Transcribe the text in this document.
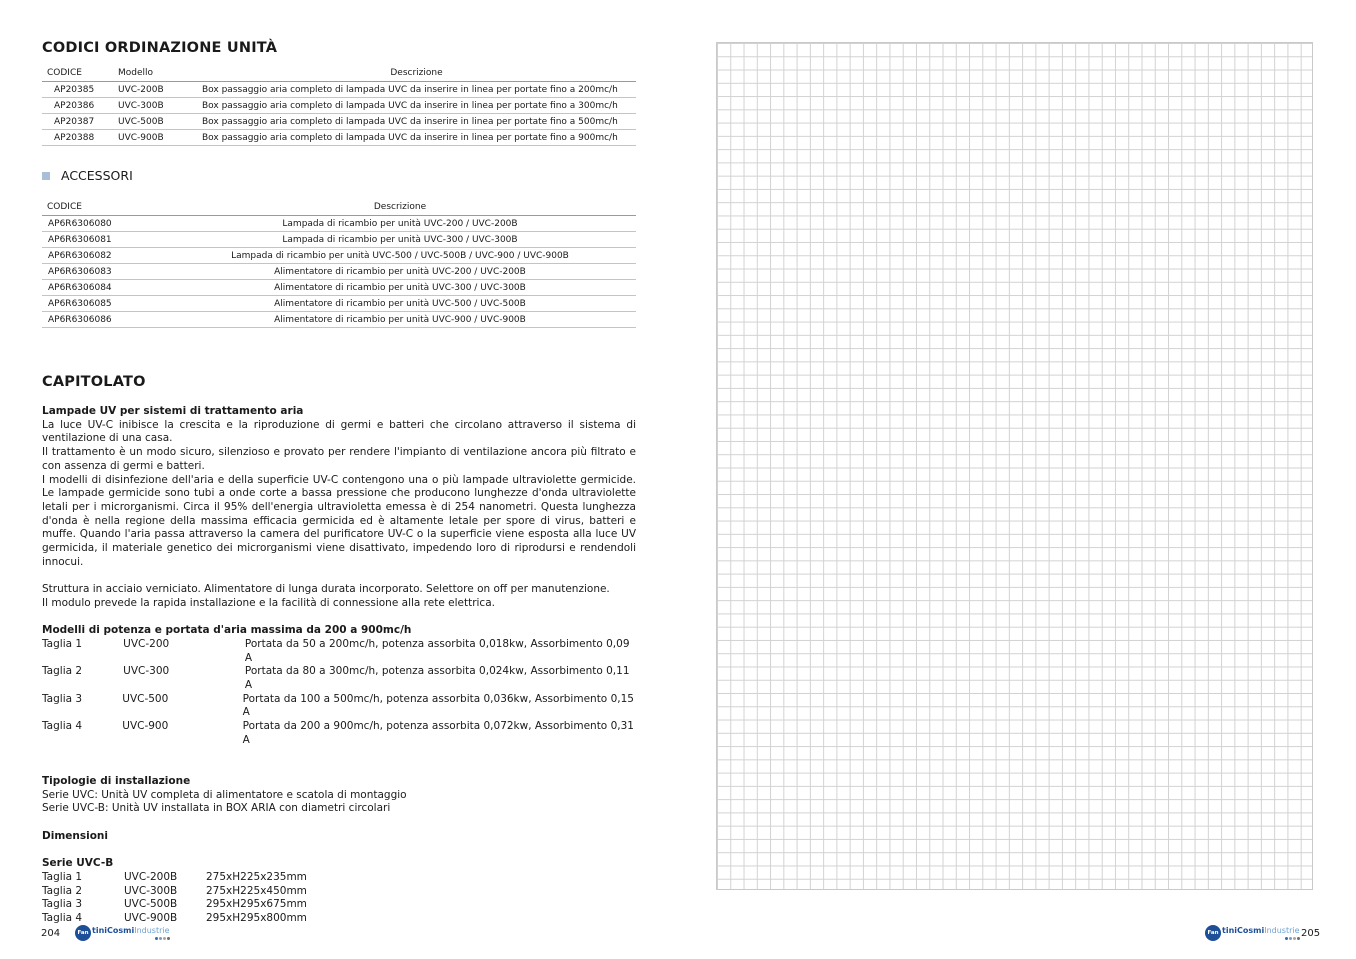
CODICI ORDINAZIONE UNITÀ
CODICE	Modello	Descrizione
AP20385	UVC-200B	Box passaggio aria completo di lampada UVC da inserire in linea per portate fino a 200mc/h
AP20386	UVC-300B	Box passaggio aria completo di lampada UVC da inserire in linea per portate fino a 300mc/h
AP20387	UVC-500B	Box passaggio aria completo di lampada UVC da inserire in linea per portate fino a 500mc/h
AP20388	UVC-900B	Box passaggio aria completo di lampada UVC da inserire in linea per portate fino a 900mc/h
ACCESSORI
CODICE	Descrizione
AP6R6306080	Lampada di ricambio per unità UVC-200 / UVC-200B
AP6R6306081	Lampada di ricambio per unità UVC-300 / UVC-300B
AP6R6306082	Lampada di ricambio per unità UVC-500 / UVC-500B / UVC-900 / UVC-900B
AP6R6306083	Alimentatore di ricambio per unità UVC-200 / UVC-200B
AP6R6306084	Alimentatore di ricambio per unità UVC-300 / UVC-300B
AP6R6306085	Alimentatore di ricambio per unità UVC-500 / UVC-500B
AP6R6306086	Alimentatore di ricambio per unità UVC-900 / UVC-900B
CAPITOLATO

Lampade UV per sistemi di trattamento aria

La luce UV-C inibisce la crescita e la riproduzione di germi e batteri che circolano attraverso il sistema di ventilazione di una casa.

Il trattamento è un modo sicuro, silenzioso e provato per rendere l'impianto di ventilazione ancora più filtrato e con assenza di germi e batteri.

I modelli di disinfezione dell'aria e della superficie UV-C contengono una o più lampade ultraviolette germicide. Le lampade germicide sono tubi a onde corte a bassa pressione che producono lunghezze d'onda ultraviolette letali per i microrganismi. Circa il 95% dell'energia ultravioletta emessa è di 254 nanometri. Questa lunghezza d'onda è nella regione della massima efficacia germicida ed è altamente letale per spore di virus, batteri e muffe. Quando l'aria passa attraverso la camera del purificatore UV-C o la superficie viene esposta alla luce UV germicida, il materiale genetico dei microrganismi viene disattivato, impedendo loro di riprodursi e rendendoli innocui.

Struttura in acciaio verniciato. Alimentatore di lunga durata incorporato. Selettore on off per manutenzione.

Il modulo prevede la rapida installazione e la facilità di connessione alla rete elettrica.

Modelli di potenza e portata d'aria massima da 200 a 900mc/h

Taglia 1	UVC-200	Portata da 50 a 200mc/h, potenza assorbita 0,018kw, Assorbimento 0,09 A
Taglia 2	UVC-300	Portata da 80 a 300mc/h, potenza assorbita 0,024kw, Assorbimento 0,11 A
Taglia 3	UVC-500	Portata da 100 a 500mc/h, potenza assorbita 0,036kw, Assorbimento 0,15 A
Taglia 4	UVC-900	Portata da 200 a 900mc/h, potenza assorbita 0,072kw, Assorbimento 0,31 A

Tipologie di installazione

Serie UVC: Unità UV completa di alimentatore e scatola di montaggio

Serie UVC-B: Unità UV installata in BOX ARIA con diametri circolari

Dimensioni

Serie UVC-B

Taglia 1	UVC-200B	275xH225x235mm
Taglia 2	UVC-300B	275xH225x450mm
Taglia 3	UVC-500B	295xH295x675mm
Taglia 4	UVC-900B	295xH295x800mm
204	Fan tiniCosmiIndustrie	Fan tiniCosmiIndustrie 205
